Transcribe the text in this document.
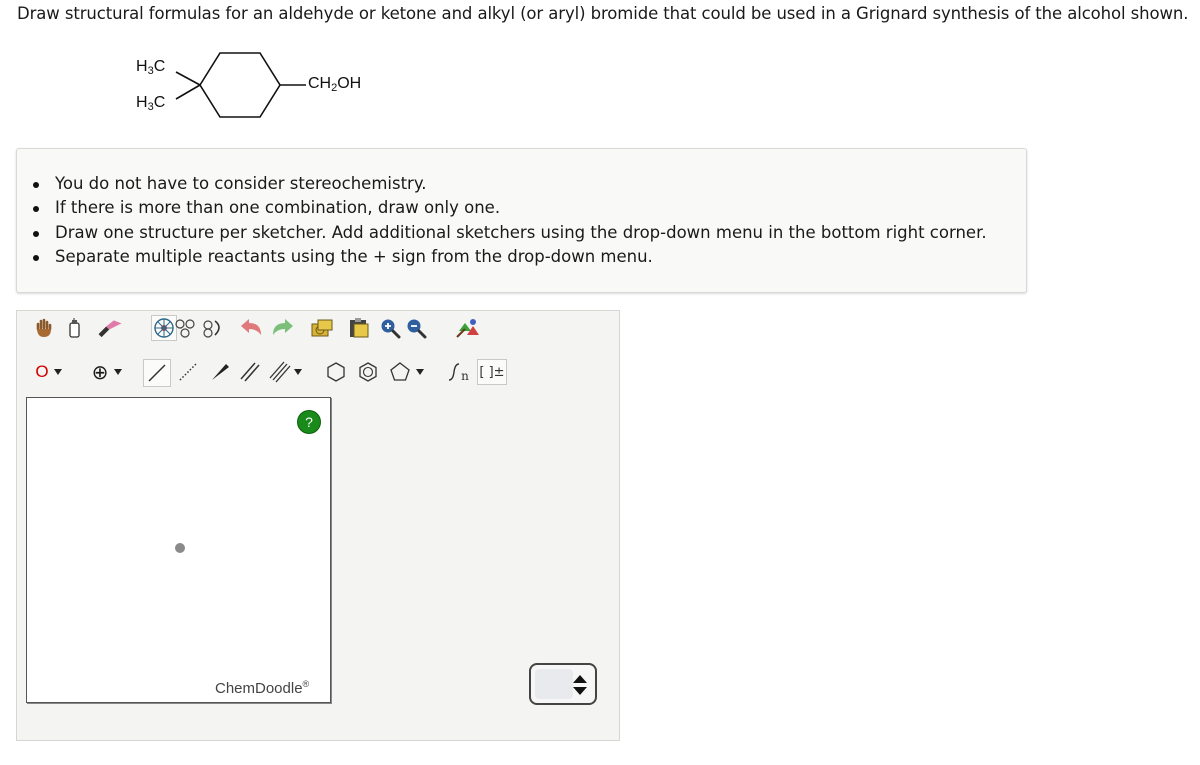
Draw structural formulas for an aldehyde or ketone and alkyl (or aryl) bromide that could be used in a Grignard synthesis of the alcohol shown.
$H_3C$
$H_3C$
$CH_2OH$
You do not have to consider stereochemistry.
If there is more than one combination, draw only one.
Draw one structure per sketcher. Add additional sketchers using the drop-down menu in the bottom right corner.
Separate multiple reactants using the + sign from the drop-down menu.
O ⊕	n [ ]±
?
ChemDoodle®
